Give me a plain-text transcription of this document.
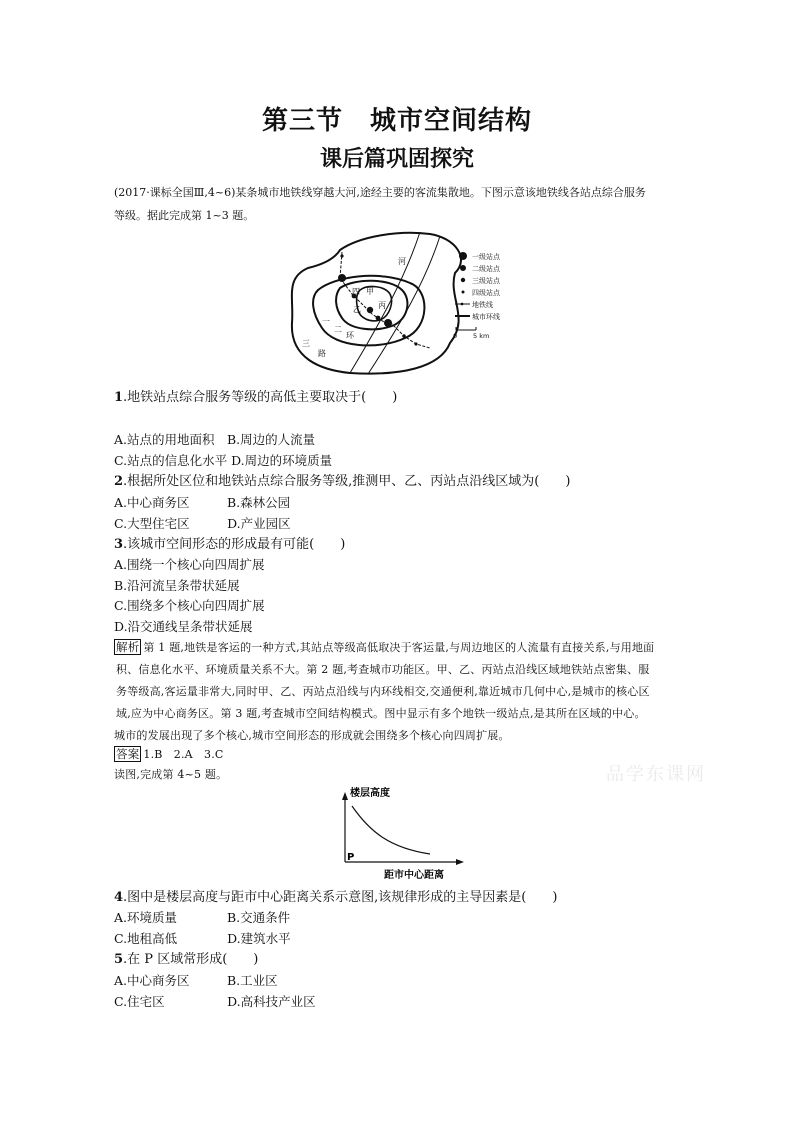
第三节　城市空间结构
课后篇巩固探究
(2017·课标全国Ⅲ,4~6)某条城市地铁线穿越大河,途经主要的客流集散地。下图示意该地铁线各站点综合服务
等级。据此完成第 1~3 题。
河
四 甲
乙 丙
三
一
二
环
路
一级站点
二级站点
三级站点
四级站点
地铁线
城市环线
0 5 km
1.地铁站点综合服务等级的高低主要取决于(　　)
A.站点的用地面积　B.周边的人流量
C.站点的信息化水平 D.周边的环境质量
2.根据所处区位和地铁站点综合服务等级,推测甲、乙、丙站点沿线区域为(　　)
A.中心商务区　　　B.森林公园
C.大型住宅区　　　D.产业园区
3.该城市空间形态的形成最有可能(　　)
A.围绕一个核心向四周扩展
B.沿河流呈条带状延展
C.围绕多个核心向四周扩展
D.沿交通线呈条带状延展
解析 第 1 题,地铁是客运的一种方式,其站点等级高低取决于客运量,与周边地区的人流量有直接关系,与用地面
积、信息化水平、环境质量关系不大。第 2 题,考查城市功能区。甲、乙、丙站点沿线区域地铁站点密集、服
务等级高,客运量非常大,同时甲、乙、丙站点沿线与内环线相交,交通便利,靠近城市几何中心,是城市的核心区
域,应为中心商务区。第 3 题,考查城市空间结构模式。图中显示有多个地铁一级站点,是其所在区域的中心。
城市的发展出现了多个核心,城市空间形态的形成就会围绕多个核心向四周扩展。
答案 1.B　2.A　3.C
读图,完成第 4~5 题。	品学东课网
楼层高度
P
距市中心距离
4.图中是楼层高度与距市中心距离关系示意图,该规律形成的主导因素是(　　)
A.环境质量　　　　B.交通条件
C.地租高低　　　　D.建筑水平
5.在 P 区域常形成(　　)
A.中心商务区　　　B.工业区
C.住宅区　　　　　D.高科技产业区
